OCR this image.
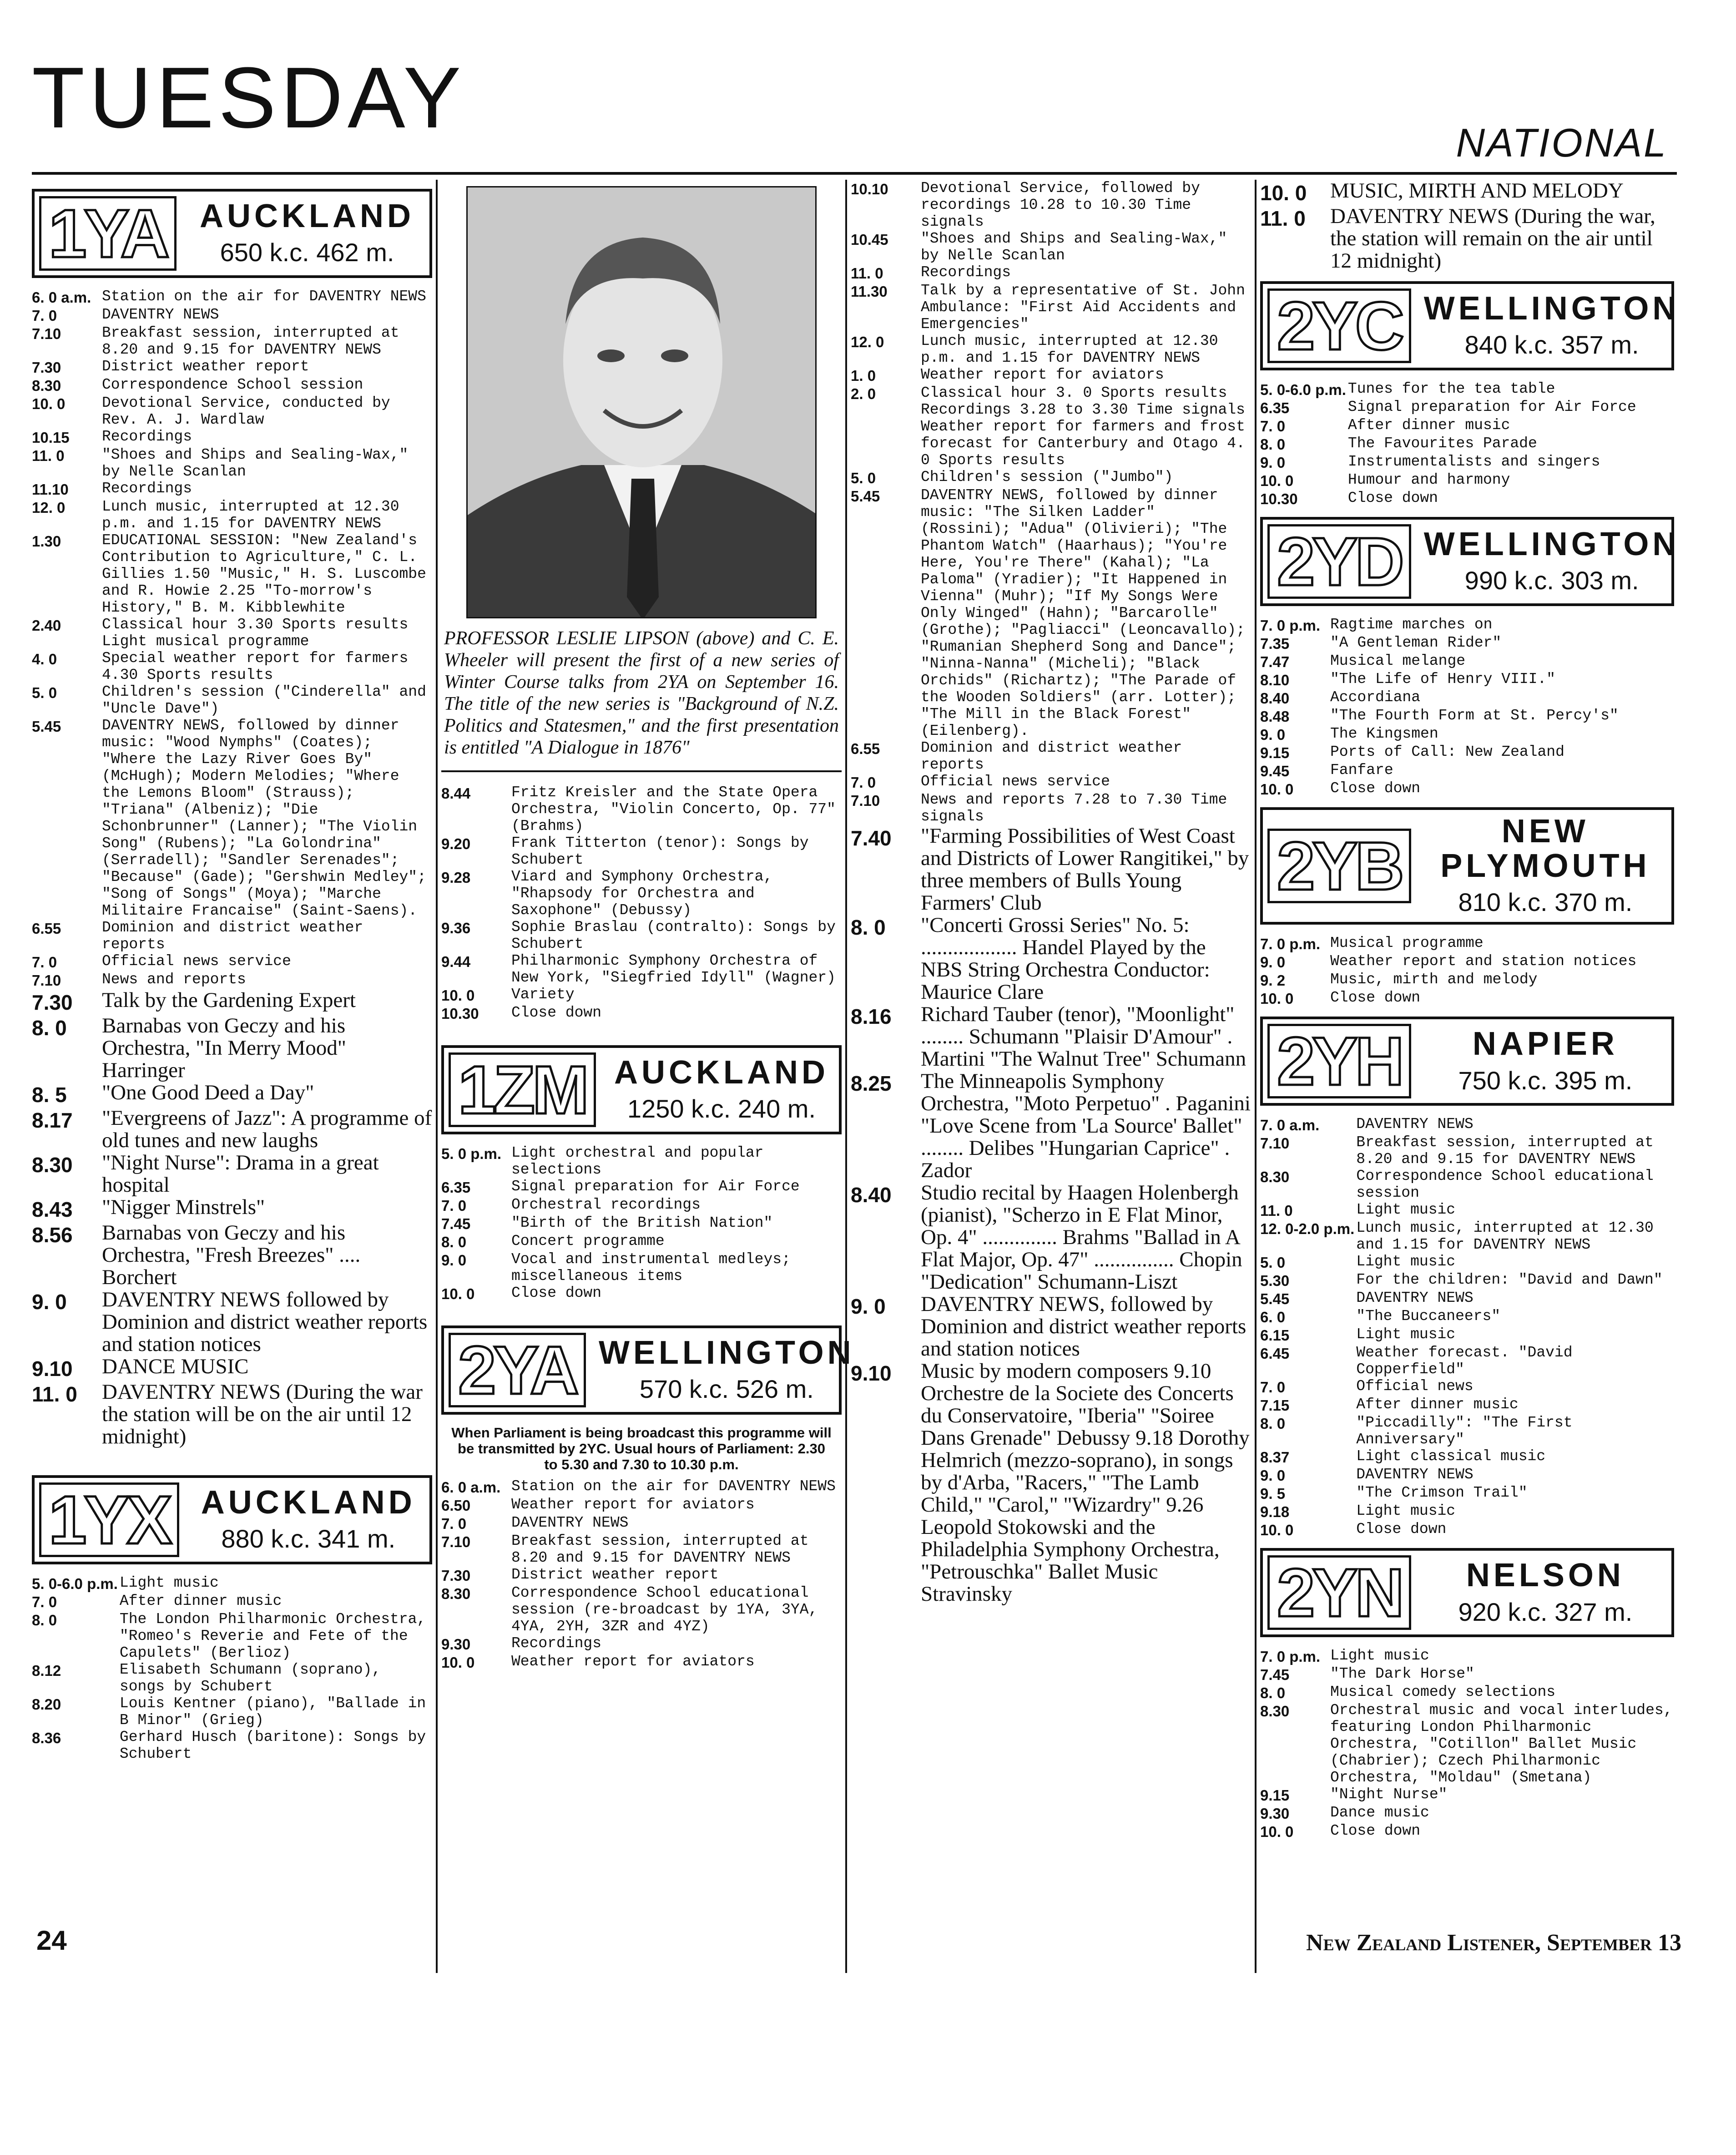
TUESDAY	NATIONAL
1YA	AUCKLAND
650 k.c. 462 m.
6. 0 a.m.	Station on the air for DAVENTRY NEWS
7. 0	DAVENTRY NEWS
7.10	Breakfast session, interrupted at 8.20 and 9.15 for DAVENTRY NEWS
7.30	District weather report
8.30	Correspondence School session
10. 0	Devotional Service, conducted by Rev. A. J. Wardlaw
10.15	Recordings
11. 0	"Shoes and Ships and Sealing-Wax," by Nelle Scanlan
11.10	Recordings
12. 0	Lunch music, interrupted at 12.30 p.m. and 1.15 for DAVENTRY NEWS
1.30	EDUCATIONAL SESSION: "New Zealand's Contribution to Agriculture," C. L. Gillies 1.50 "Music," H. S. Luscombe and R. Howie 2.25 "To-morrow's History," B. M. Kibblewhite
2.40	Classical hour 3.30 Sports results Light musical programme
4. 0	Special weather report for farmers 4.30 Sports results
5. 0	Children's session ("Cinderella" and "Uncle Dave")
5.45	DAVENTRY NEWS, followed by dinner music: "Wood Nymphs" (Coates); "Where the Lazy River Goes By" (McHugh); Modern Melodies; "Where the Lemons Bloom" (Strauss); "Triana" (Albeniz); "Die Schonbrunner" (Lanner); "The Violin Song" (Rubens); "La Golondrina" (Serradell); "Sandler Serenades"; "Because" (Gade); "Gershwin Medley"; "Song of Songs" (Moya); "Marche Militaire Francaise" (Saint-Saens).
6.55	Dominion and district weather reports
7. 0	Official news service
7.10	News and reports
7.30	Talk by the Gardening Expert
8. 0	Barnabas von Geczy and his Orchestra, "In Merry Mood" Harringer
8. 5	"One Good Deed a Day"
8.17	"Evergreens of Jazz": A programme of old tunes and new laughs
8.30	"Night Nurse": Drama in a great hospital
8.43	"Nigger Minstrels"
8.56	Barnabas von Geczy and his Orchestra, "Fresh Breezes" .... Borchert
9. 0	DAVENTRY NEWS followed by Dominion and district weather reports and station notices
9.10	DANCE MUSIC
11. 0	DAVENTRY NEWS (During the war the station will be on the air until 12 midnight)
1YX AUCKLAND
880 k.c. 341 m.
5. 0-6.0 p.m.	Light music
7. 0	After dinner music
8. 0	The London Philharmonic Orchestra, "Romeo's Reverie and Fete of the Capulets" (Berlioz)
8.12	Elisabeth Schumann (soprano), songs by Schubert
8.20	Louis Kentner (piano), "Ballade in B Minor" (Grieg)
8.36	Gerhard Husch (baritone): Songs by Schubert
PROFESSOR LESLIE LIPSON (above) and C. E. Wheeler will present the first of a new series of Winter Course talks from 2YA on September 16. The title of the new series is "Background of N.Z. Politics and Statesmen," and the first presentation is entitled "A Dialogue in 1876"
8.44	Fritz Kreisler and the State Opera Orchestra, "Violin Concerto, Op. 77" (Brahms)
9.20	Frank Titterton (tenor): Songs by Schubert
9.28	Viard and Symphony Orchestra, "Rhapsody for Orchestra and Saxophone" (Debussy)
9.36	Sophie Braslau (contralto): Songs by Schubert
9.44	Philharmonic Symphony Orchestra of New York, "Siegfried Idyll" (Wagner)
10. 0	Variety
10.30	Close down
1ZM AUCKLAND
1250 k.c. 240 m.
5. 0 p.m.	Light orchestral and popular selections
6.35	Signal preparation for Air Force
7. 0	Orchestral recordings
7.45	"Birth of the British Nation"
8. 0	Concert programme
9. 0	Vocal and instrumental medleys; miscellaneous items
10. 0	Close down
2YA WELLINGTON
570 k.c. 526 m.
When Parliament is being broadcast this programme will be transmitted by 2YC. Usual hours of Parliament: 2.30 to 5.30 and 7.30 to 10.30 p.m.
6. 0 a.m.	Station on the air for DAVENTRY NEWS
6.50	Weather report for aviators
7. 0	DAVENTRY NEWS
7.10	Breakfast session, interrupted at 8.20 and 9.15 for DAVENTRY NEWS
7.30	District weather report
8.30	Correspondence School educational session (re-broadcast by 1YA, 3YA, 4YA, 2YH, 3ZR and 4YZ)
9.30	Recordings
10. 0	Weather report for aviators
10.10	Devotional Service, followed by recordings 10.28 to 10.30 Time signals
10.45	"Shoes and Ships and Sealing-Wax," by Nelle Scanlan
11. 0	Recordings
11.30	Talk by a representative of St. John Ambulance: "First Aid Accidents and Emergencies"
12. 0	Lunch music, interrupted at 12.30 p.m. and 1.15 for DAVENTRY NEWS
1. 0	Weather report for aviators
2. 0	Classical hour 3. 0 Sports results Recordings 3.28 to 3.30 Time signals Weather report for farmers and frost forecast for Canterbury and Otago 4. 0 Sports results
5. 0	Children's session ("Jumbo")
5.45	DAVENTRY NEWS, followed by dinner music: "The Silken Ladder" (Rossini); "Adua" (Olivieri); "The Phantom Watch" (Haarhaus); "You're Here, You're There" (Kahal); "La Paloma" (Yradier); "It Happened in Vienna" (Muhr); "If My Songs Were Only Winged" (Hahn); "Barcarolle" (Grothe); "Pagliacci" (Leoncavallo); "Rumanian Shepherd Song and Dance"; "Ninna-Nanna" (Micheli); "Black Orchids" (Richartz); "The Parade of the Wooden Soldiers" (arr. Lotter); "The Mill in the Black Forest" (Eilenberg).
6.55	Dominion and district weather reports
7. 0	Official news service
7.10	News and reports 7.28 to 7.30 Time signals
7.40	"Farming Possibilities of West Coast and Districts of Lower Rangitikei," by three members of Bulls Young Farmers' Club
8. 0	"Concerti Grossi Series" No. 5: .................. Handel Played by the NBS String Orchestra Conductor: Maurice Clare
8.16	Richard Tauber (tenor), "Moonlight" ........ Schumann "Plaisir D'Amour" . Martini "The Walnut Tree" Schumann
8.25	The Minneapolis Symphony Orchestra, "Moto Perpetuo" . Paganini "Love Scene from 'La Source' Ballet" ........ Delibes "Hungarian Caprice" . Zador
8.40	Studio recital by Haagen Holenbergh (pianist), "Scherzo in E Flat Minor, Op. 4" .............. Brahms "Ballad in A Flat Major, Op. 47" ............... Chopin "Dedication" Schumann-Liszt
9. 0	DAVENTRY NEWS, followed by Dominion and district weather reports and station notices
9.10	Music by modern composers 9.10 Orchestre de la Societe des Concerts du Conservatoire, "Iberia" "Soiree Dans Grenade" Debussy 9.18 Dorothy Helmrich (mezzo-soprano), in songs by d'Arba, "Racers," "The Lamb Child," "Carol," "Wizardry" 9.26 Leopold Stokowski and the Philadelphia Symphony Orchestra, "Petrouschka" Ballet Music Stravinsky
10. 0	MUSIC, MIRTH AND MELODY
11. 0	DAVENTRY NEWS (During the war, the station will remain on the air until 12 midnight)
2YC WELLINGTON
840 k.c. 357 m.
5. 0-6.0 p.m.	Tunes for the tea table
6.35	Signal preparation for Air Force
7. 0	After dinner music
8. 0	The Favourites Parade
9. 0	Instrumentalists and singers
10. 0	Humour and harmony
10.30	Close down
2YD WELLINGTON
990 k.c. 303 m.
7. 0 p.m.	Ragtime marches on
7.35	"A Gentleman Rider"
7.47	Musical melange
8.10	"The Life of Henry VIII."
8.40	Accordiana
8.48	"The Fourth Form at St. Percy's"
9. 0	The Kingsmen
9.15	Ports of Call: New Zealand
9.45	Fanfare
10. 0	Close down
2YB	NEW PLYMOUTH
810 k.c. 370 m.
7. 0 p.m.	Musical programme
9. 0	Weather report and station notices
9. 2	Music, mirth and melody
10. 0	Close down
2YH	NAPIER
750 k.c. 395 m.
7. 0 a.m.	DAVENTRY NEWS
7.10	Breakfast session, interrupted at 8.20 and 9.15 for DAVENTRY NEWS
8.30	Correspondence School educational session
11. 0	Light music
12. 0-2.0 p.m.	Lunch music, interrupted at 12.30 and 1.15 for DAVENTRY NEWS
5. 0	Light music
5.30	For the children: "David and Dawn"
5.45	DAVENTRY NEWS
6. 0	"The Buccaneers"
6.15	Light music
6.45	Weather forecast. "David Copperfield"
7. 0	Official news
7.15	After dinner music
8. 0	"Piccadilly": "The First Anniversary"
8.37	Light classical music
9. 0	DAVENTRY NEWS
9. 5	"The Crimson Trail"
9.18	Light music
10. 0	Close down
2YN	NELSON
920 k.c. 327 m.
7. 0 p.m.	Light music
7.45	"The Dark Horse"
8. 0	Musical comedy selections
8.30	Orchestral music and vocal interludes, featuring London Philharmonic Orchestra, "Cotillon" Ballet Music (Chabrier); Czech Philharmonic Orchestra, "Moldau" (Smetana)
9.15	"Night Nurse"
9.30	Dance music
10. 0	Close down
24	New Zealand Listener, September 13
